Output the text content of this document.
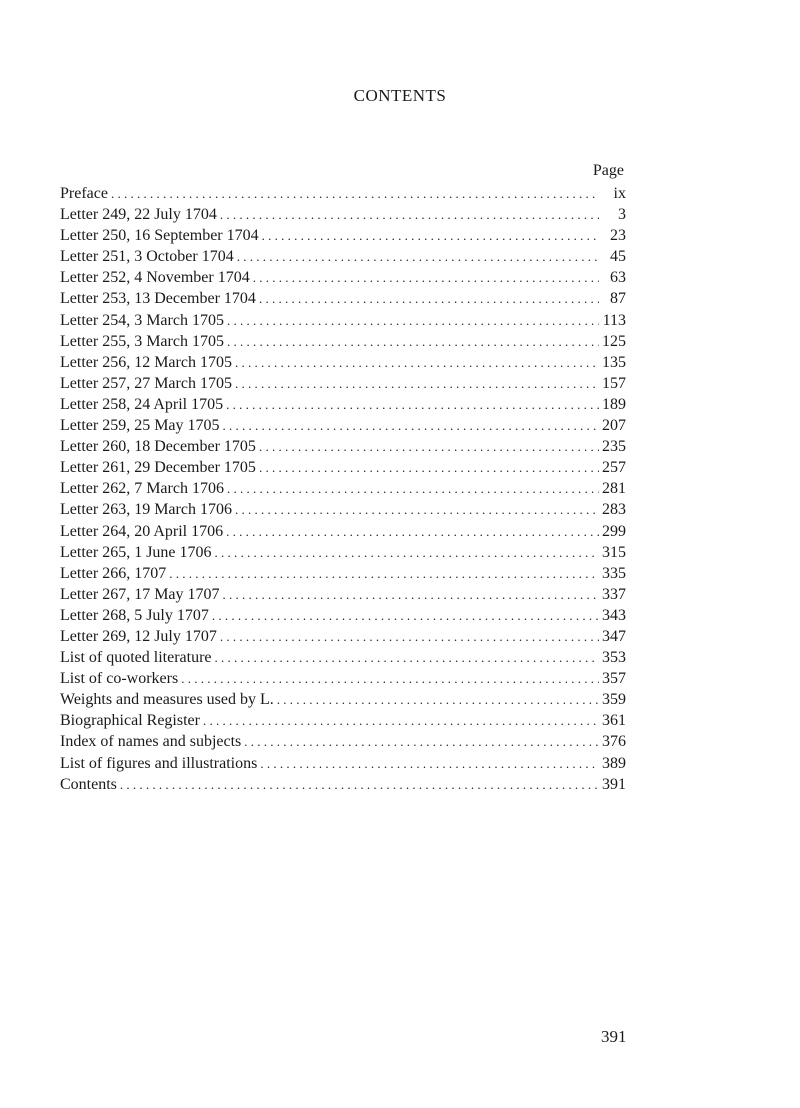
CONTENTS
Page
Preface . . .	ix
Letter 249, 22 July 1704 . . .	3
Letter 250, 16 September 1704 . . .	23
Letter 251, 3 October 1704 . . .	45
Letter 252, 4 November 1704 . . .	63
Letter 253, 13 December 1704 . . .	87
Letter 254, 3 March 1705 . . .	113
Letter 255, 3 March 1705 . . .	125
Letter 256, 12 March 1705 . . .	135
Letter 257, 27 March 1705 . . .	157
Letter 258, 24 April 1705 . . .	189
Letter 259, 25 May 1705 . . .	207
Letter 260, 18 December 1705 . . .	235
Letter 261, 29 December 1705 . . .	257
Letter 262, 7 March 1706 . . .	281
Letter 263, 19 March 1706 . . .	283
Letter 264, 20 April 1706 . . .	299
Letter 265, 1 June 1706 . . .	315
Letter 266, 1707 . . .	335
Letter 267, 17 May 1707 . . .	337
Letter 268, 5 July 1707 . . .	343
Letter 269, 12 July 1707 . . .	347
List of quoted literature . . .	353
List of co-workers . . .	357
Weights and measures used by L. . . .	359
Biographical Register . . .	361
Index of names and subjects . . .	376
List of figures and illustrations . . .	389
Contents . . .	391
391
